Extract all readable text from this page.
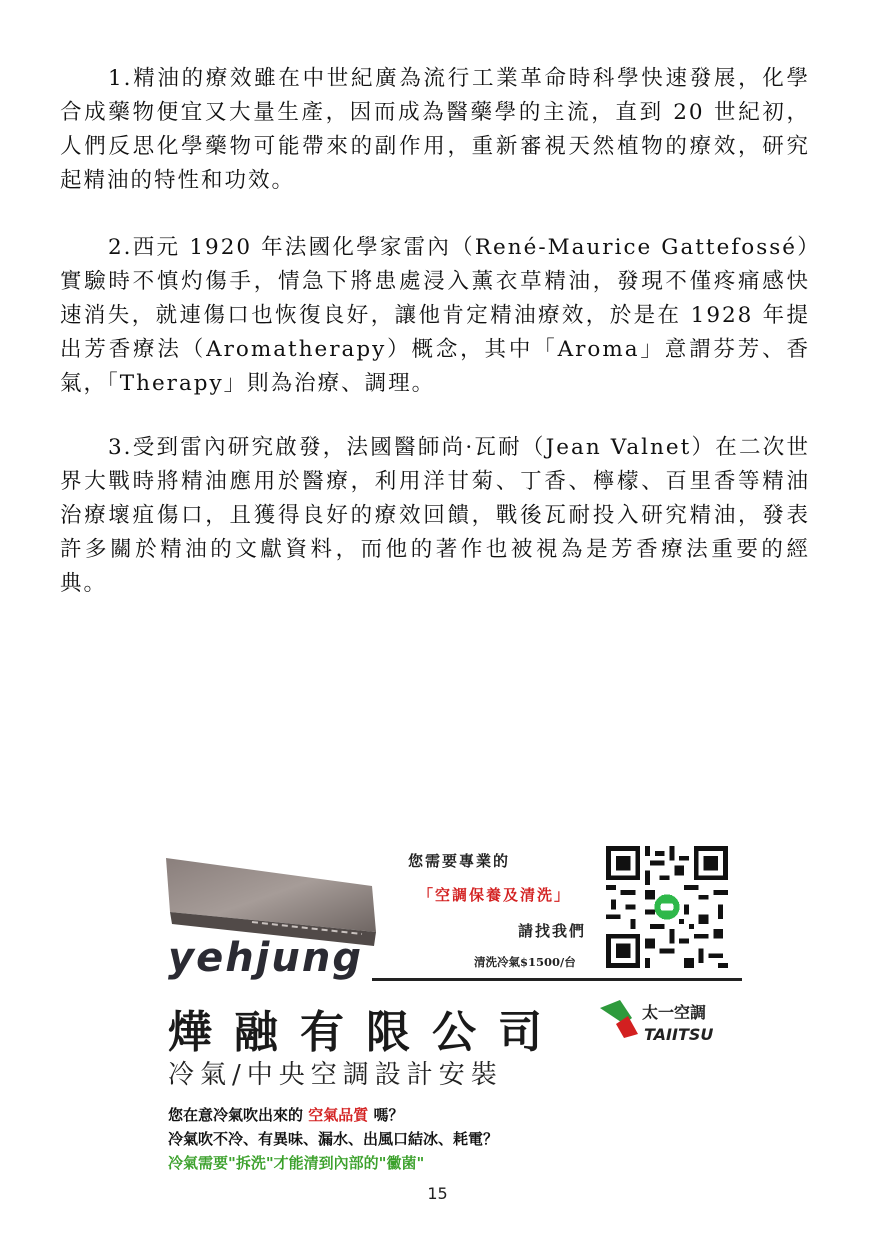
1.精油的療效雖在中世紀廣為流行工業革命時科學快速發展，化學合成藥物便宜又大量生產，因而成為醫藥學的主流，直到 20 世紀初，人們反思化學藥物可能帶來的副作用，重新審視天然植物的療效，研究起精油的特性和功效。

2.西元 1920 年法國化學家雷內（René-Maurice Gattefossé）實驗時不慎灼傷手，情急下將患處浸入薰衣草精油，發現不僅疼痛感快速消失，就連傷口也恢復良好，讓他肯定精油療效，於是在 1928 年提出芳香療法（Aromatherapy）概念，其中「Aroma」意謂芬芳、香氣，「Therapy」則為治療、調理。

3.受到雷內研究啟發，法國醫師尚·瓦耐（Jean Valnet）在二次世界大戰時將精油應用於醫療，利用洋甘菊、丁香、檸檬、百里香等精油治療壞疽傷口，且獲得良好的療效回饋，戰後瓦耐投入研究精油，發表許多關於精油的文獻資料，而他的著作也被視為是芳香療法重要的經典。

yehjung
您需要專業的
「空調保養及清洗」
請找我們
清洗冷氣$1500/台
燁融有限公司
冷氣/中央空調設計安裝
太一空調
TAIITSU
您在意冷氣吹出來的 空氣品質 嗎？
冷氣吹不冷、有異味、漏水、出風口結冰、耗電？
冷氣需要"拆洗"才能清到內部的"黴菌"
15
